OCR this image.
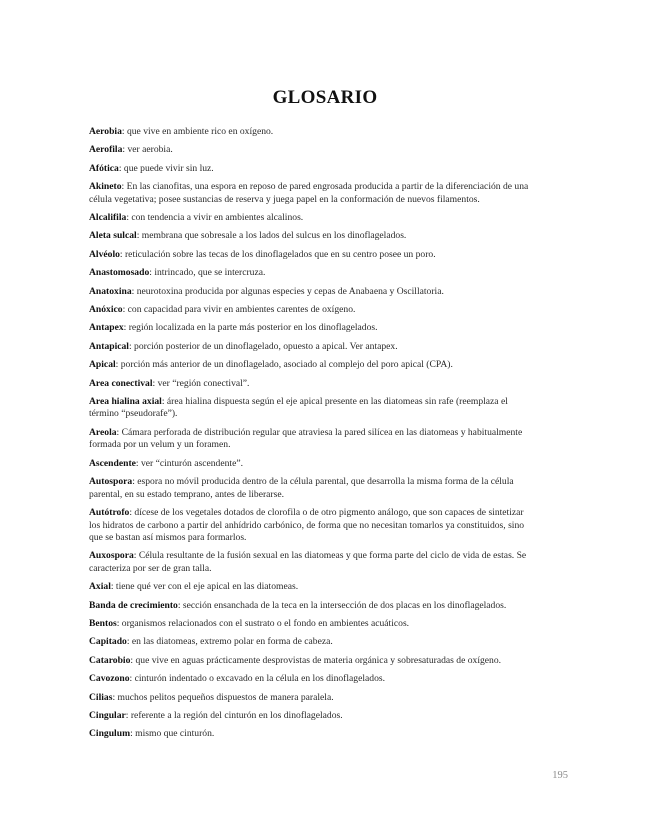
GLOSARIO
Aerobia: que vive en ambiente rico en oxígeno.
Aerofila: ver aerobia.
Afótica: que puede vivir sin luz.
Akineto: En las cianofitas, una espora en reposo de pared engrosada producida a partir de la diferenciación de una célula vegetativa; posee sustancias de reserva y juega papel en la conformación de nuevos filamentos.
Alcalifila: con tendencia a vivir en ambientes alcalinos.
Aleta sulcal: membrana que sobresale a los lados del sulcus en los dinoflagelados.
Alvéolo: reticulación sobre las tecas de los dinoflagelados que en su centro posee un poro.
Anastomosado: intrincado, que se intercruza.
Anatoxina: neurotoxina producida por algunas especies y cepas de Anabaena y Oscillatoria.
Anóxico: con capacidad para vivir en ambientes carentes de oxígeno.
Antapex: región localizada en la parte más posterior en los dinoflagelados.
Antapical: porción posterior de un dinoflagelado, opuesto a apical. Ver antapex.
Apical: porción más anterior de un dinoflagelado, asociado al complejo del poro apical (CPA).
Area conectival: ver “región conectival”.
Area hialina axial: área hialina dispuesta según el eje apical presente en las diatomeas sin rafe (reemplaza el término “pseudorafe”).
Areola: Cámara perforada de distribución regular que atraviesa la pared silícea en las diatomeas y habitualmente formada por un velum y un foramen.
Ascendente: ver “cinturón ascendente”.
Autospora: espora no móvil producida dentro de la célula parental, que desarrolla la misma forma de la célula parental, en su estado temprano, antes de liberarse.
Autótrofo: dícese de los vegetales dotados de clorofila o de otro pigmento análogo, que son capaces de sintetizar los hidratos de carbono a partir del anhídrido carbónico, de forma que no necesitan tomarlos ya constituidos, sino que se bastan así mismos para formarlos.
Auxospora: Célula resultante de la fusión sexual en las diatomeas y que forma parte del ciclo de vida de estas. Se caracteriza por ser de gran talla.
Axial: tiene qué ver con el eje apical en las diatomeas.
Banda de crecimiento: sección ensanchada de la teca en la intersección de dos placas en los dinoflagelados.
Bentos: organismos relacionados con el sustrato o el fondo en ambientes acuáticos.
Capitado: en las diatomeas, extremo polar en forma de cabeza.
Catarobio: que vive en aguas prácticamente desprovistas de materia orgánica y sobresaturadas de oxígeno.
Cavozono: cinturón indentado o excavado en la célula en los dinoflagelados.
Cilias: muchos pelitos pequeños dispuestos de manera paralela.
Cingular: referente a la región del cinturón en los dinoflagelados.
Cingulum: mismo que cinturón.
195
